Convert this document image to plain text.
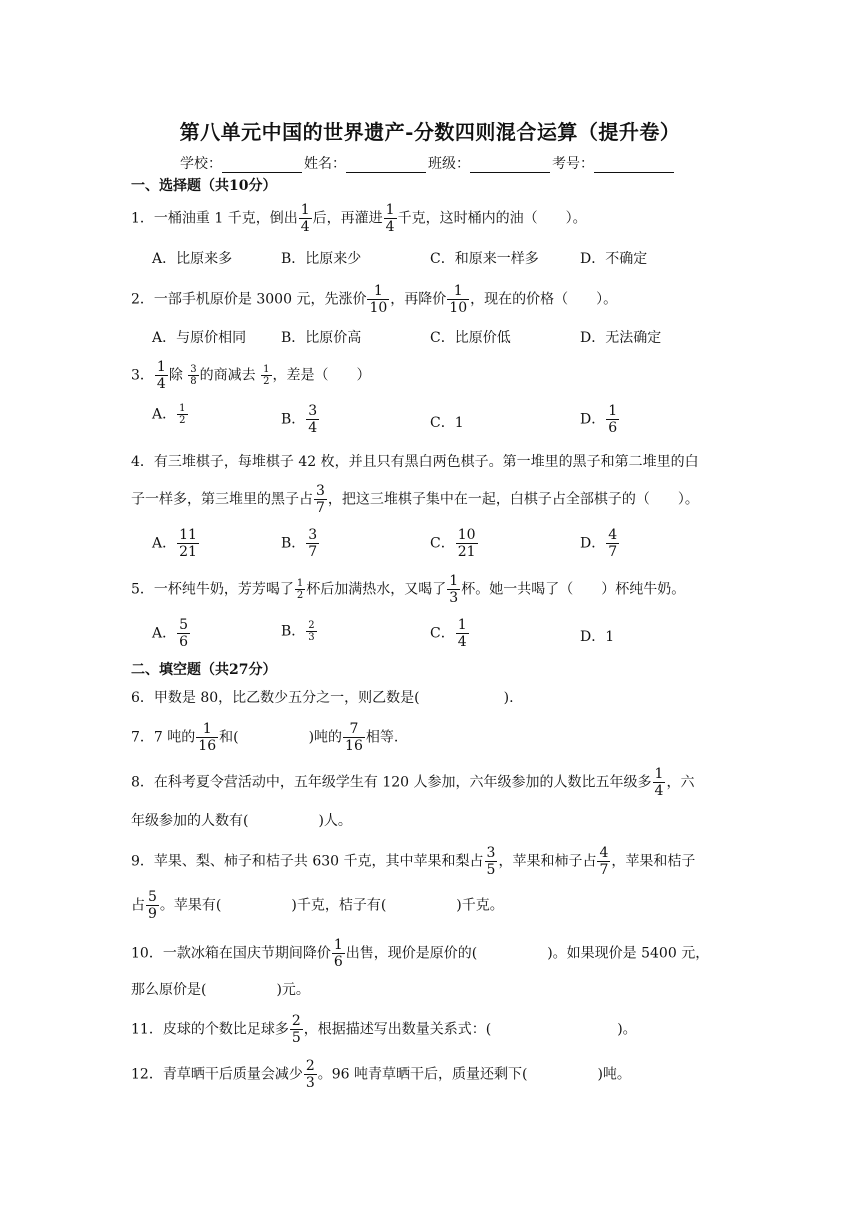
第八单元中国的世界遗产-分数四则混合运算（提升卷）
学校：	姓名：	班级：	考号：
一、选择题（共10分）
1．一桶油重 1 千克，倒出 $\frac{1}{4}$ 后，再灌进 $\frac{1}{4}$ 千克，这时桶内的油（　　）。
A．比原来多	B．比原来少	C．和原来一样多	D．不确定
2．一部手机原价是 3000 元，先涨价 $\frac{1}{10}$ ，再降价 $\frac{1}{10}$ ，现在的价格（　　）。
A．与原价相同 B．比原价高	C．比原价低	D．无法确定
3． $\frac{1}{4}$ 除 $\frac{3}{8}$ 的商减去 $\frac{1}{2}$ ，差是（　　）
A． $\frac{1}{2}$	B． $\frac{3}{4}$	C．1	D． $\frac{1}{6}$
4．有三堆棋子，每堆棋子 42 枚，并且只有黑白两色棋子。第一堆里的黑子和第二堆里的白
子一样多，第三堆里的黑子占 $\frac{3}{7}$ ，把这三堆棋子集中在一起，白棋子占全部棋子的（　　）。
A． $\frac{11}{21}$	B． $\frac{3}{7}$	C． $\frac{10}{21}$	D． $\frac{4}{7}$
5．一杯纯牛奶，芳芳喝了 $\frac{1}{2}$ 杯后加满热水，又喝了 $\frac{1}{3}$ 杯。她一共喝了（　　）杯纯牛奶。
A． $\frac{5}{6}$	B． $\frac{2}{3}$	C． $\frac{1}{4}$	D．1
二、填空题（共27分）
6．甲数是 80，比乙数少五分之一，则乙数是(　　　　　　).
7．7 吨的 $\frac{1}{16}$ 和(　　　　　)吨的 $\frac{7}{16}$ 相等.
8．在科考夏令营活动中，五年级学生有 120 人参加，六年级参加的人数比五年级多 $\frac{1}{4}$ ，六
年级参加的人数有(　　　　　)人。
9．苹果、梨、柿子和桔子共 630 千克，其中苹果和梨占 $\frac{3}{5}$ ，苹果和柿子占 $\frac{4}{7}$ ，苹果和桔子
占 $\frac{5}{9}$ 。苹果有(　　　　　)千克，桔子有(　　　　　)千克。
10．一款冰箱在国庆节期间降价 $\frac{1}{6}$ 出售，现价是原价的(　　　　　)。如果现价是 5400 元，
那么原价是(　　　　　)元。
11．皮球的个数比足球多 $\frac{2}{5}$ ，根据描述写出数量关系式：(　　　　　　　　　)。
12．青草晒干后质量会减少 $\frac{2}{3}$ 。96 吨青草晒干后，质量还剩下(　　　　　)吨。
